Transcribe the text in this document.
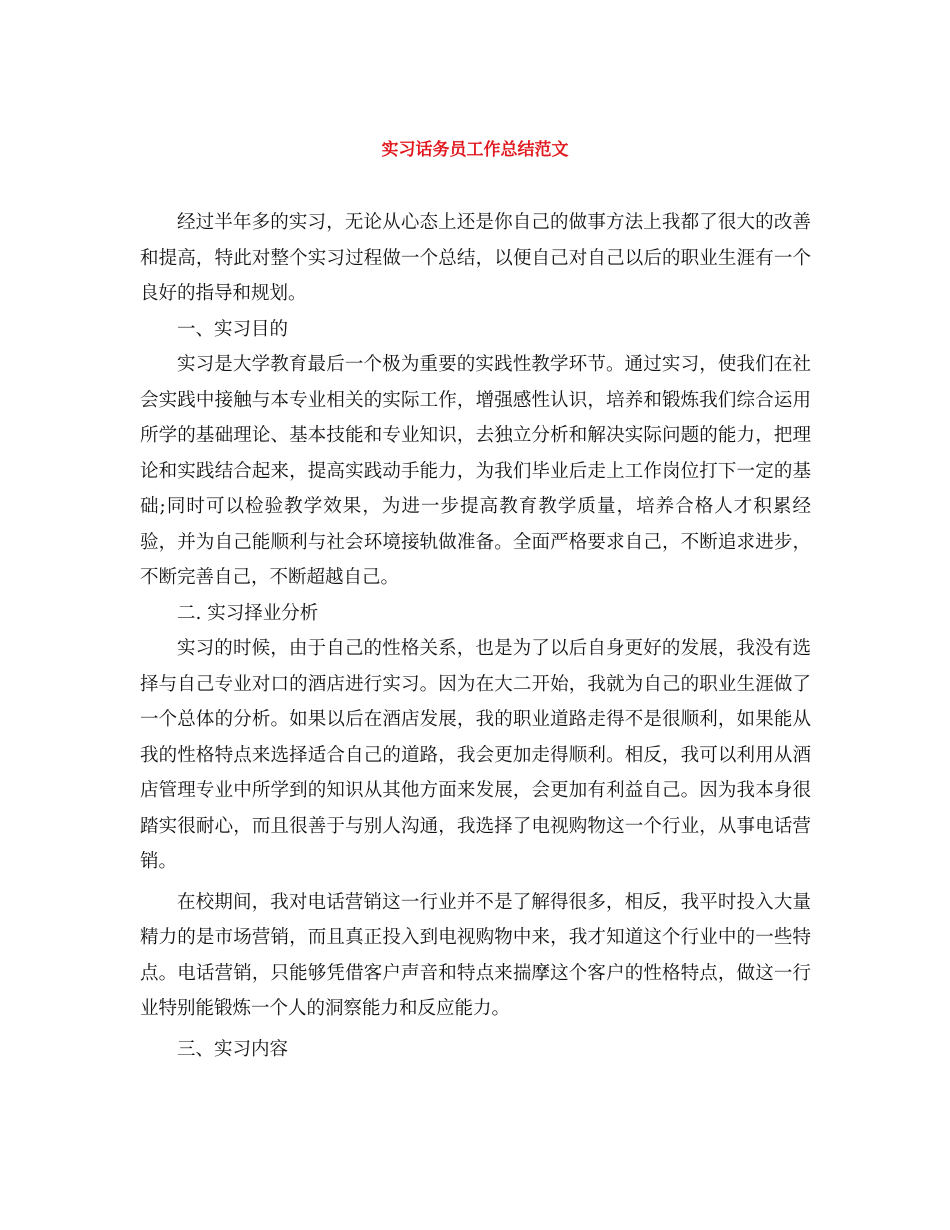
实习话务员工作总结范文

经过半年多的实习，无论从心态上还是你自己的做事方法上我都了很大的改善和提高，特此对整个实习过程做一个总结，以便自己对自己以后的职业生涯有一个良好的指导和规划。

一、实习目的

实习是大学教育最后一个极为重要的实践性教学环节。通过实习，使我们在社会实践中接触与本专业相关的实际工作，增强感性认识，培养和锻炼我们综合运用所学的基础理论、基本技能和专业知识，去独立分析和解决实际问题的能力，把理论和实践结合起来，提高实践动手能力，为我们毕业后走上工作岗位打下一定的基础;同时可以检验教学效果，为进一步提高教育教学质量，培养合格人才积累经验，并为自己能顺利与社会环境接轨做准备。全面严格要求自己，不断追求进步，不断完善自己，不断超越自己。

二. 实习择业分析

实习的时候，由于自己的性格关系，也是为了以后自身更好的发展，我没有选择与自己专业对口的酒店进行实习。因为在大二开始，我就为自己的职业生涯做了一个总体的分析。如果以后在酒店发展，我的职业道路走得不是很顺利，如果能从我的性格特点来选择适合自己的道路，我会更加走得顺利。相反，我可以利用从酒店管理专业中所学到的知识从其他方面来发展，会更加有利益自己。因为我本身很踏实很耐心，而且很善于与别人沟通，我选择了电视购物这一个行业，从事电话营销。

在校期间，我对电话营销这一行业并不是了解得很多，相反，我平时投入大量精力的是市场营销，而且真正投入到电视购物中来，我才知道这个行业中的一些特点。电话营销，只能够凭借客户声音和特点来揣摩这个客户的性格特点，做这一行业特别能锻炼一个人的洞察能力和反应能力。

三、实习内容
